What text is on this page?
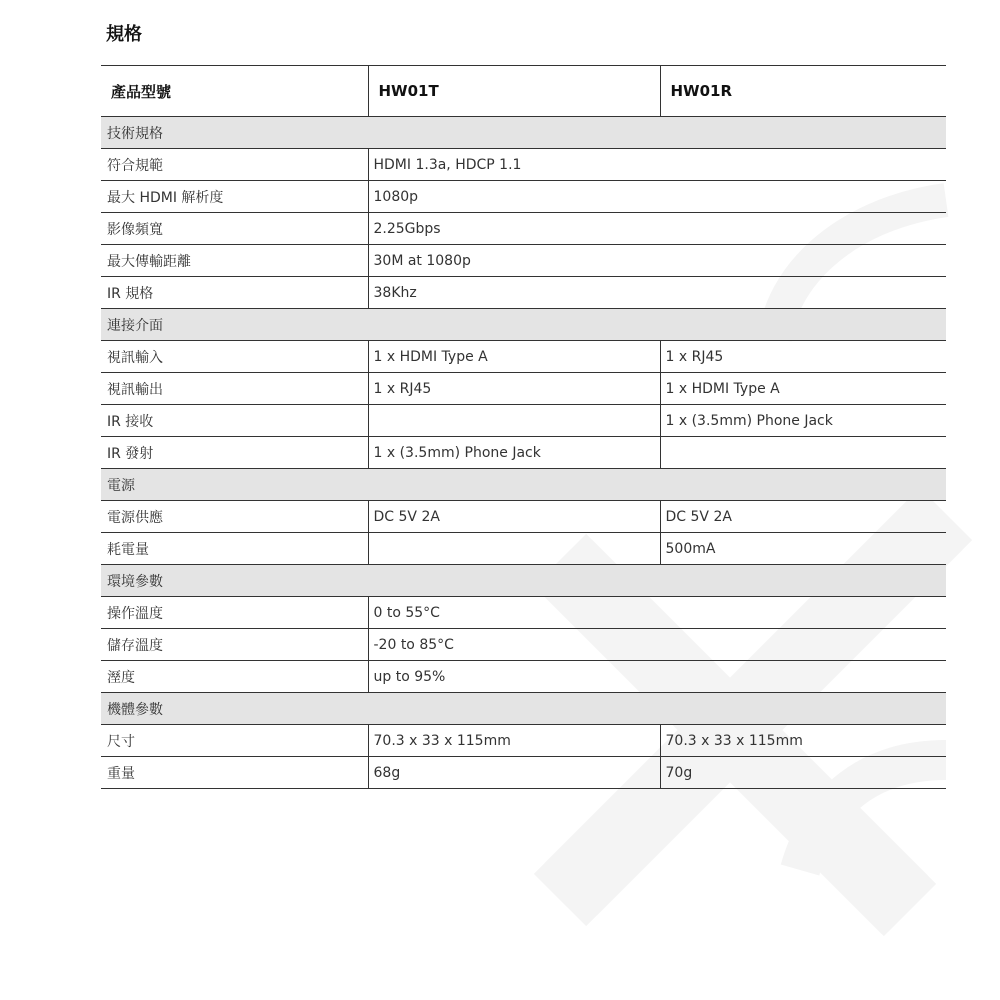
規格
產品型號	HW01T	HW01R
技術規格		
符合規範	HDMI 1.3a, HDCP 1.1	
最大 HDMI 解析度	1080p	
影像頻寬	2.25Gbps	
最大傳輸距離	30M at 1080p	
IR 規格	38Khz	
連接介面		
視訊輸入	1 x HDMI Type A	1 x RJ45
視訊輸出	1 x RJ45	1 x HDMI Type A
IR 接收		1 x (3.5mm) Phone Jack
IR 發射	1 x (3.5mm) Phone Jack	
電源		
電源供應	DC 5V 2A	DC 5V 2A
耗電量		500mA
環境參數		
操作溫度	0 to 55°C	
儲存溫度	-20 to 85°C	
溼度	up to 95%	
機體參數		
尺寸	70.3 x 33 x 115mm	70.3 x 33 x 115mm
重量	68g	70g
